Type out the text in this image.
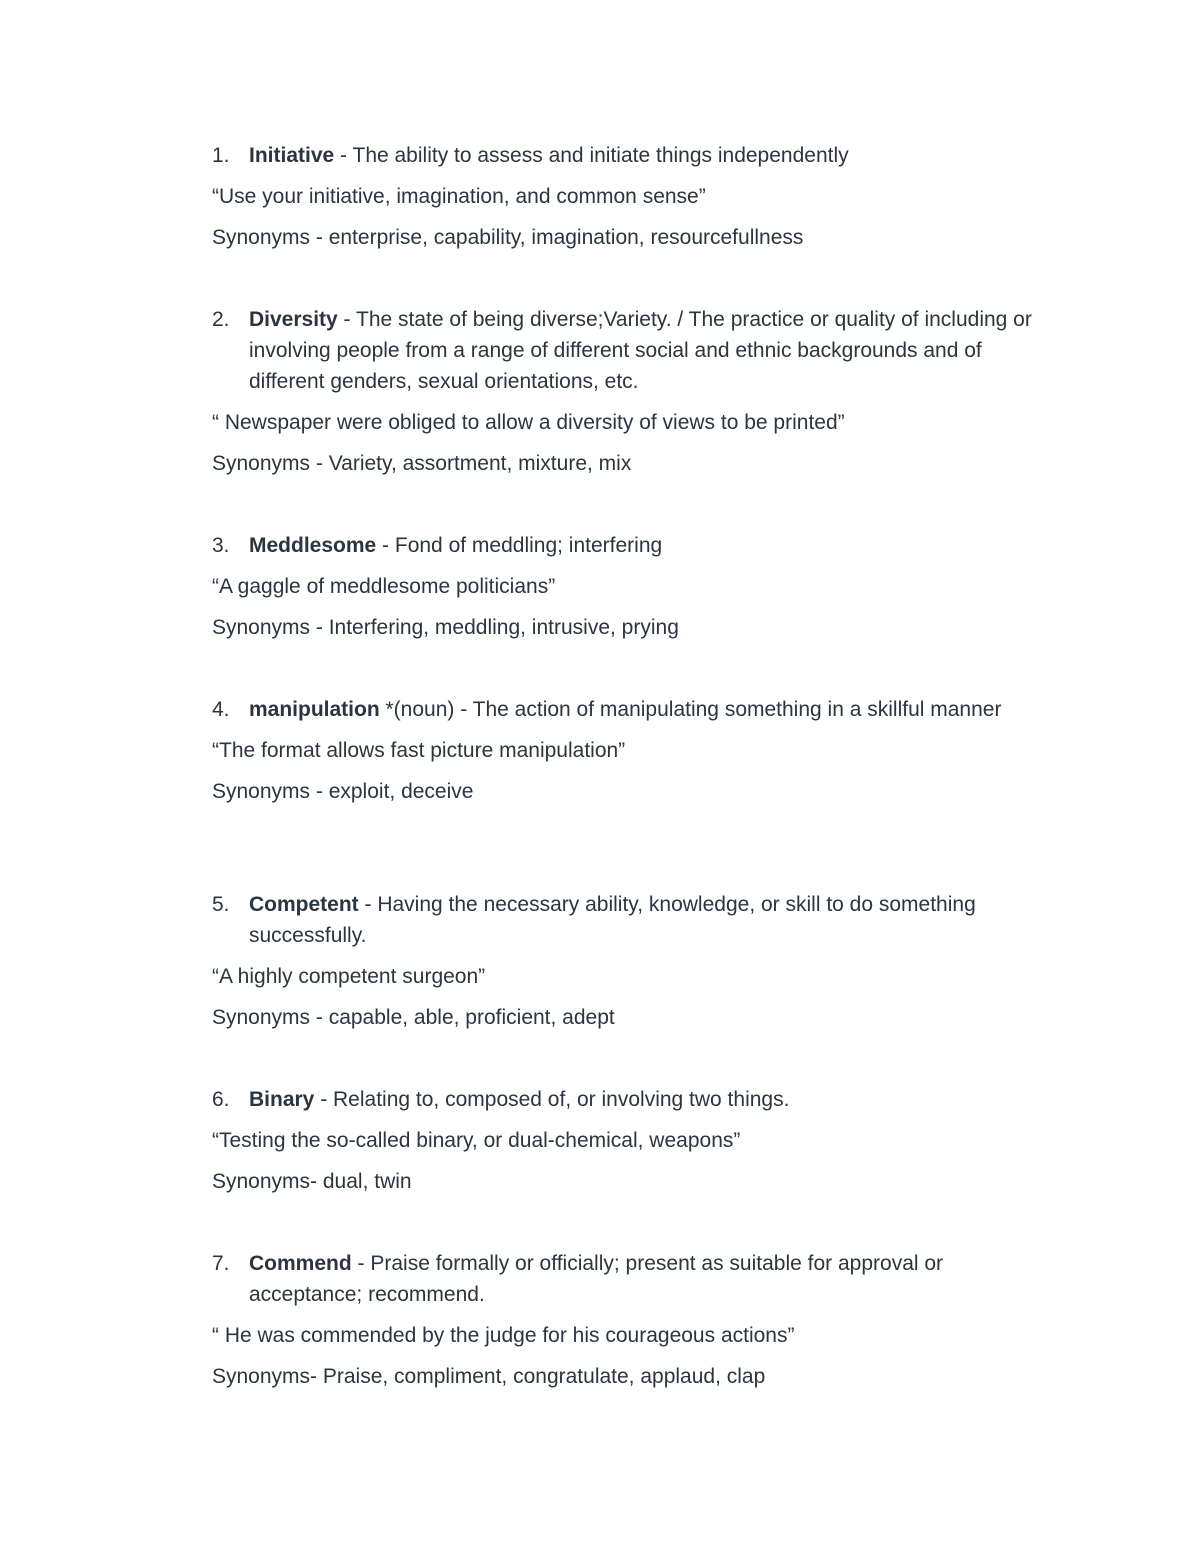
1. Initiative - The ability to assess and initiate things independently

“Use your initiative, imagination, and common sense”

Synonyms - enterprise, capability, imagination, resourcefullness

2. Diversity - The state of being diverse;Variety. / The practice or quality of including or involving people from a range of different social and ethnic backgrounds and of different genders, sexual orientations, etc.

“ Newspaper were obliged to allow a diversity of views to be printed”

Synonyms - Variety, assortment, mixture, mix

3. Meddlesome - Fond of meddling; interfering

“A gaggle of meddlesome politicians”

Synonyms - Interfering, meddling, intrusive, prying

4. manipulation *(noun) - The action of manipulating something in a skillful manner

“The format allows fast picture manipulation”

Synonyms - exploit, deceive

5. Competent - Having the necessary ability, knowledge, or skill to do something successfully.

“A highly competent surgeon”

Synonyms - capable, able, proficient, adept

6. Binary - Relating to, composed of, or involving two things.

“Testing the so-called binary, or dual-chemical, weapons”

Synonyms- dual, twin

7. Commend - Praise formally or officially; present as suitable for approval or acceptance; recommend.

“ He was commended by the judge for his courageous actions”

Synonyms- Praise, compliment, congratulate, applaud, clap
